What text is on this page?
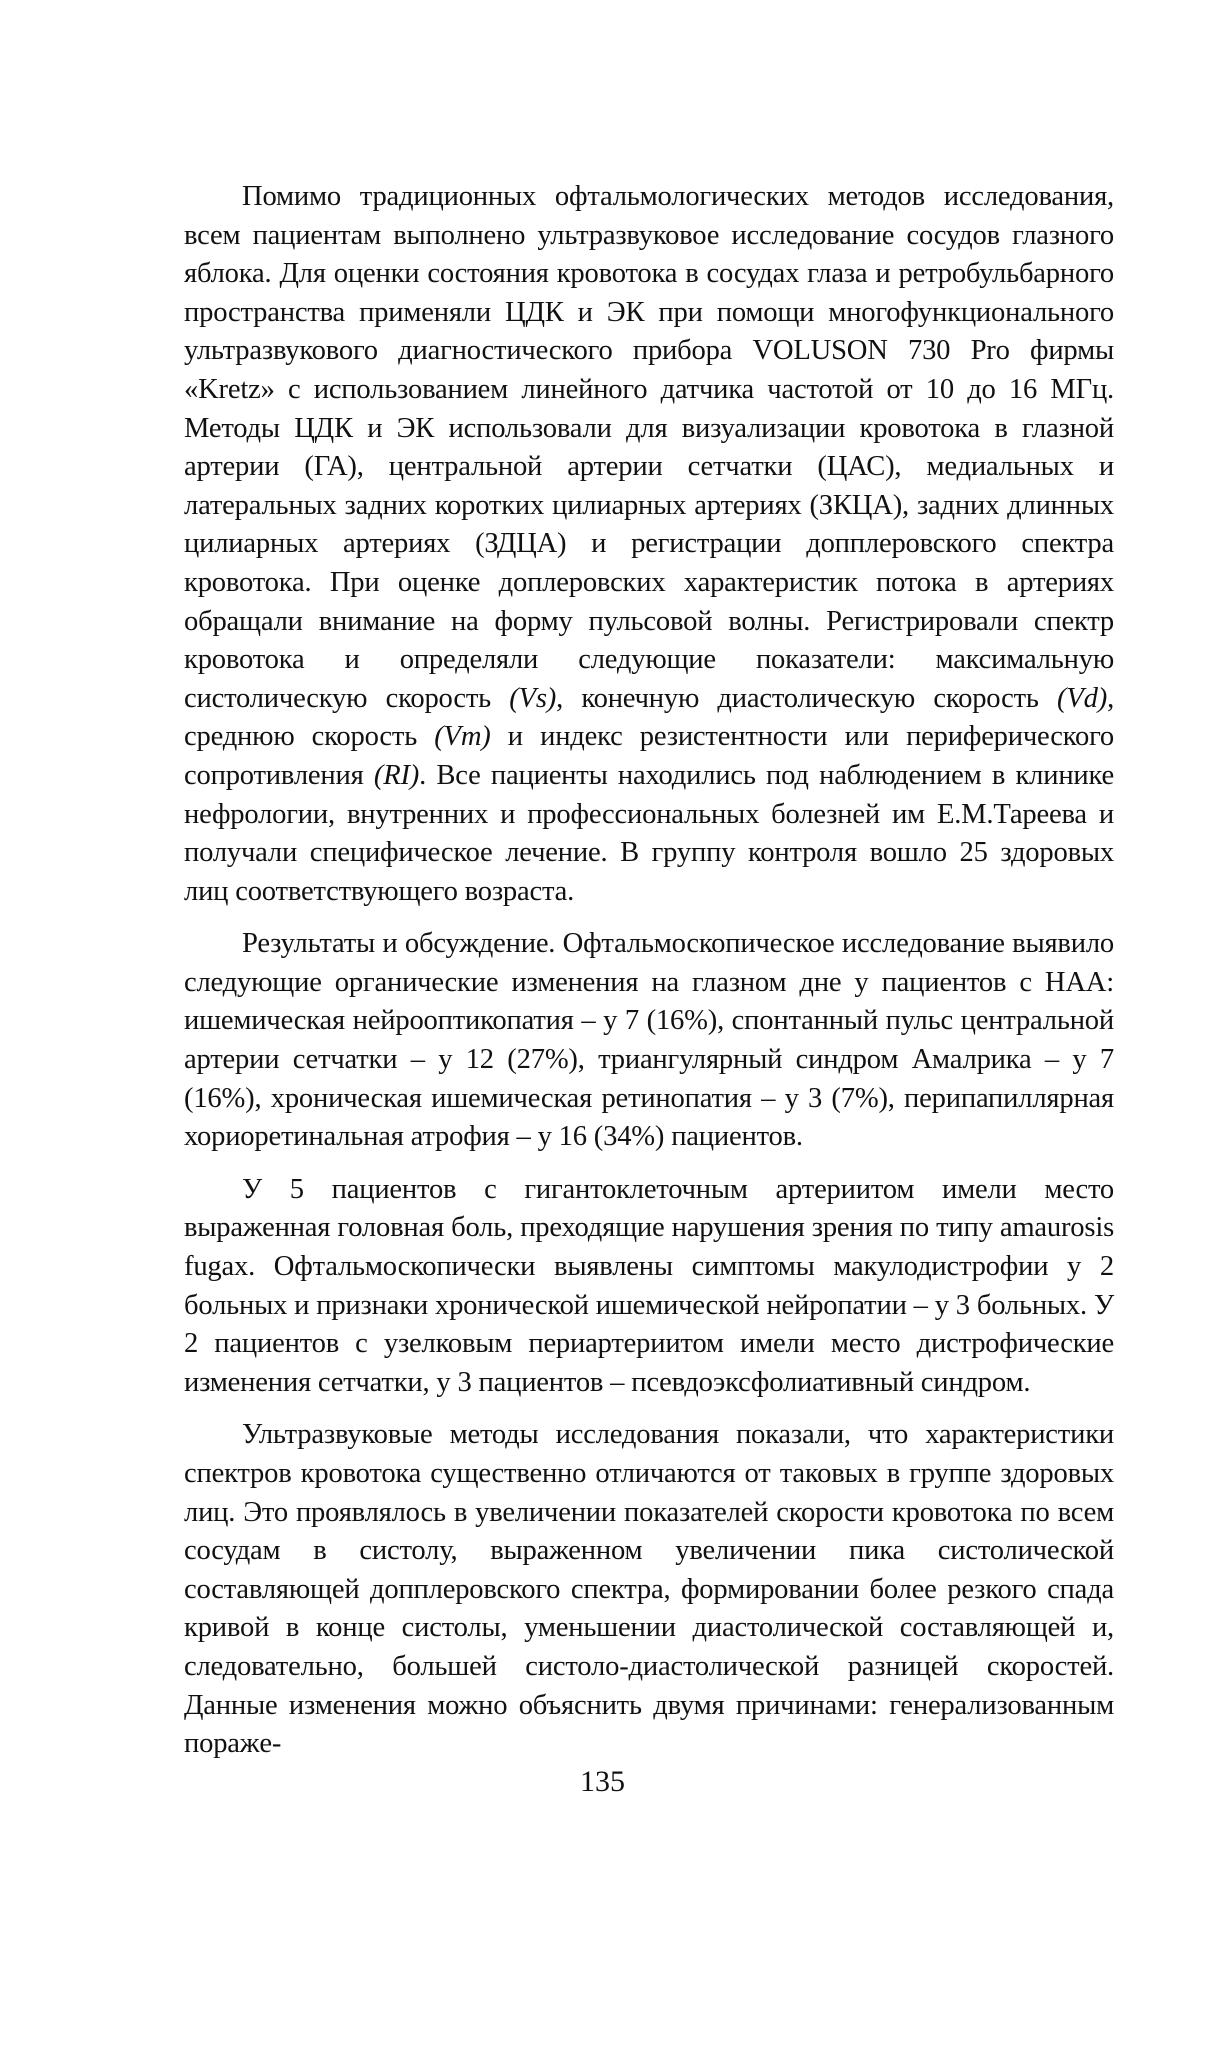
Помимо традиционных офтальмологических методов исследования, всем пациентам выполнено ультразвуковое исследование сосудов глазного яблока. Для оценки состояния кровотока в сосудах глаза и ретробульбарного пространства применяли ЦДК и ЭК при помощи многофункционального ультразвукового диагностического прибора VOLUSON 730 Pro фирмы «Kretz» с использованием линейного датчика частотой от 10 до 16 МГц. Методы ЦДК и ЭК использовали для визуализации кровотока в глазной артерии (ГА), центральной артерии сетчатки (ЦАС), медиальных и латеральных задних коротких цилиарных артериях (ЗКЦА), задних длинных цилиарных артериях (ЗДЦА) и регистрации допплеровского спектра кровотока. При оценке доплеровских характеристик потока в артериях обращали внимание на форму пульсовой волны. Регистрировали спектр кровотока и определяли следующие показатели: максимальную систолическую скорость (Vs), конечную диастолическую скорость (Vd), среднюю скорость (Vm) и индекс резистентности или периферического сопротивления (RI). Все пациенты находились под наблюдением в клинике нефрологии, внутренних и профессиональных болезней им Е.М.Тареева и получали специфическое лечение. В группу контроля вошло 25 здоровых лиц соответствующего возраста.

Результаты и обсуждение. Офтальмоскопическое исследование выявило следующие органические изменения на глазном дне у пациентов с НАА: ишемическая нейрооптикопатия – у 7 (16%), спонтанный пульс центральной артерии сетчатки – у 12 (27%), триангулярный синдром Амалрика – у 7 (16%), хроническая ишемическая ретинопатия – у 3 (7%), перипапиллярная хориоретинальная атрофия – у 16 (34%) пациентов.

У 5 пациентов с гигантоклеточным артериитом имели место выраженная головная боль, преходящие нарушения зрения по типу amaurosis fugax. Офтальмоскопически выявлены симптомы макулодистрофии у 2 больных и признаки хронической ишемической нейропатии – у 3 больных. У 2 пациентов с узелковым периартериитом имели место дистрофические изменения сетчатки, у 3 пациентов – псевдоэксфолиативный синдром.

Ультразвуковые методы исследования показали, что характеристики спектров кровотока существенно отличаются от таковых в группе здоровых лиц. Это проявлялось в увеличении показателей скорости кровотока по всем сосудам в систолу, выраженном увеличении пика систолической составляющей допплеровского спектра, формировании более резкого спада кривой в конце систолы, уменьшении диастолической составляющей и, следовательно, большей систоло-диастолической разницей скоростей. Данные изменения можно объяснить двумя причинами: генерализованным поражe-

135
